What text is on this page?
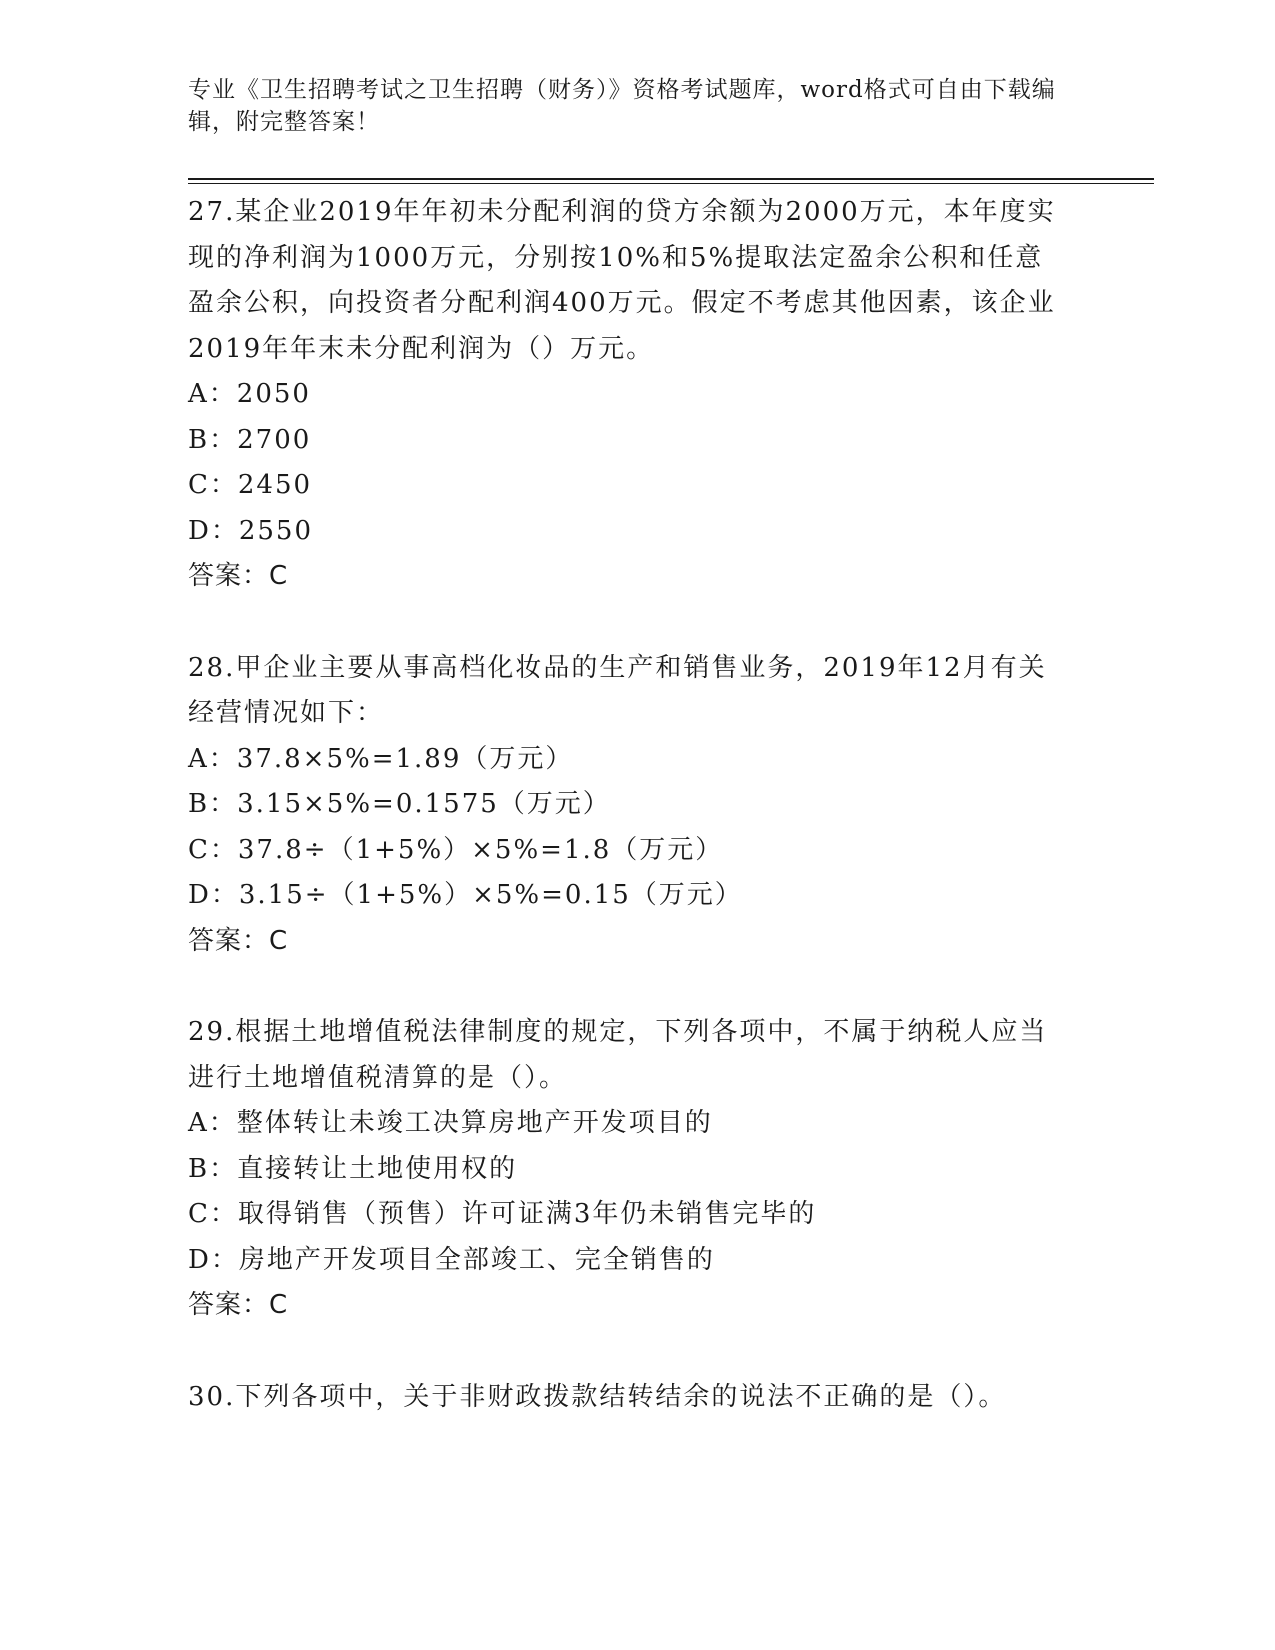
专业《卫生招聘考试之卫生招聘（财务）》资格考试题库，word格式可自由下载编辑，附完整答案！

27.某企业2019年年初未分配利润的贷方余额为2000万元，本年度实现的净利润为1000万元，分别按10%和5%提取法定盈余公积和任意盈余公积，向投资者分配利润400万元。假定不考虑其他因素，该企业2019年年末未分配利润为（）万元。

A：2050

B：2700

C：2450

D：2550

答案：C

28.甲企业主要从事高档化妆品的生产和销售业务，2019年12月有关经营情况如下：

A：37.8×5%=1.89（万元）

B：3.15×5%=0.1575（万元）

C：37.8÷（1+5%）×5%=1.8（万元）

D：3.15÷（1+5%）×5%=0.15（万元）

答案：C

29.根据土地增值税法律制度的规定，下列各项中，不属于纳税人应当进行土地增值税清算的是（）。

A：整体转让未竣工决算房地产开发项目的

B：直接转让土地使用权的

C：取得销售（预售）许可证满3年仍未销售完毕的

D：房地产开发项目全部竣工、完全销售的

答案：C

30.下列各项中，关于非财政拨款结转结余的说法不正确的是（）。
